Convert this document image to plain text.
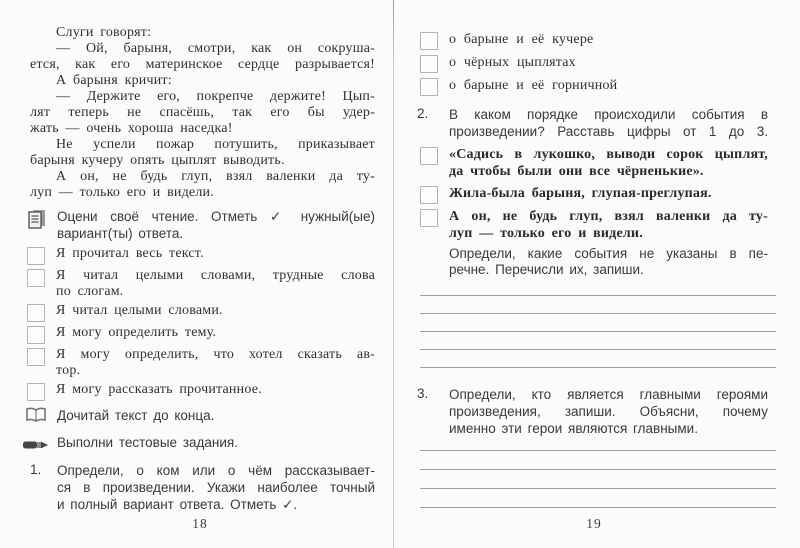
Слуги говорят:
— Ой, барыня, смотри, как он сокруша-
ется, как его материнское сердце разрывается!
А барыня кричит:
— Держите его, покрепче держите! Цып-
лят теперь не спасёшь, так его бы удер-
жать — очень хороша наседка!
Не успели пожар потушить, приказывает
барыня кучеру опять цыплят выводить.
А он, не будь глуп, взял валенки да ту-
луп — только его и видели.
Оцени своё чтение. Отметь ✓ нужный(ые)
вариант(ты) ответа.
Я прочитал весь текст.
Я читал целыми словами, трудные слова
по слогам.
Я читал целыми словами.
Я могу определить тему.
Я могу определить, что хотел сказать ав-
тор.
Я могу рассказать прочитанное.
Дочитай текст до конца.
Выполни тестовые задания.
1.	Определи, о ком или о чём рассказывает-
ся в произведении. Укажи наиболее точный
и полный вариант ответа. Отметь ✓.
18
о барыне и её кучере
о чёрных цыплятах
о барыне и её горничной
2.	В каком порядке происходили события в
произведении? Расставь цифры от 1 до 3.
«Садись в лукошко, выводи сорок цыплят,
да чтобы были они все чёрненькие».
Жила-была барыня, глупая-преглупая.
А он, не будь глуп, взял валенки да ту-
луп — только его и видели.
Определи, какие события не указаны в пе-
речне. Перечисли их, запиши.
3.	Определи, кто является главными героями
произведения, запиши. Объясни, почему
именно эти герои являются главными.
19
